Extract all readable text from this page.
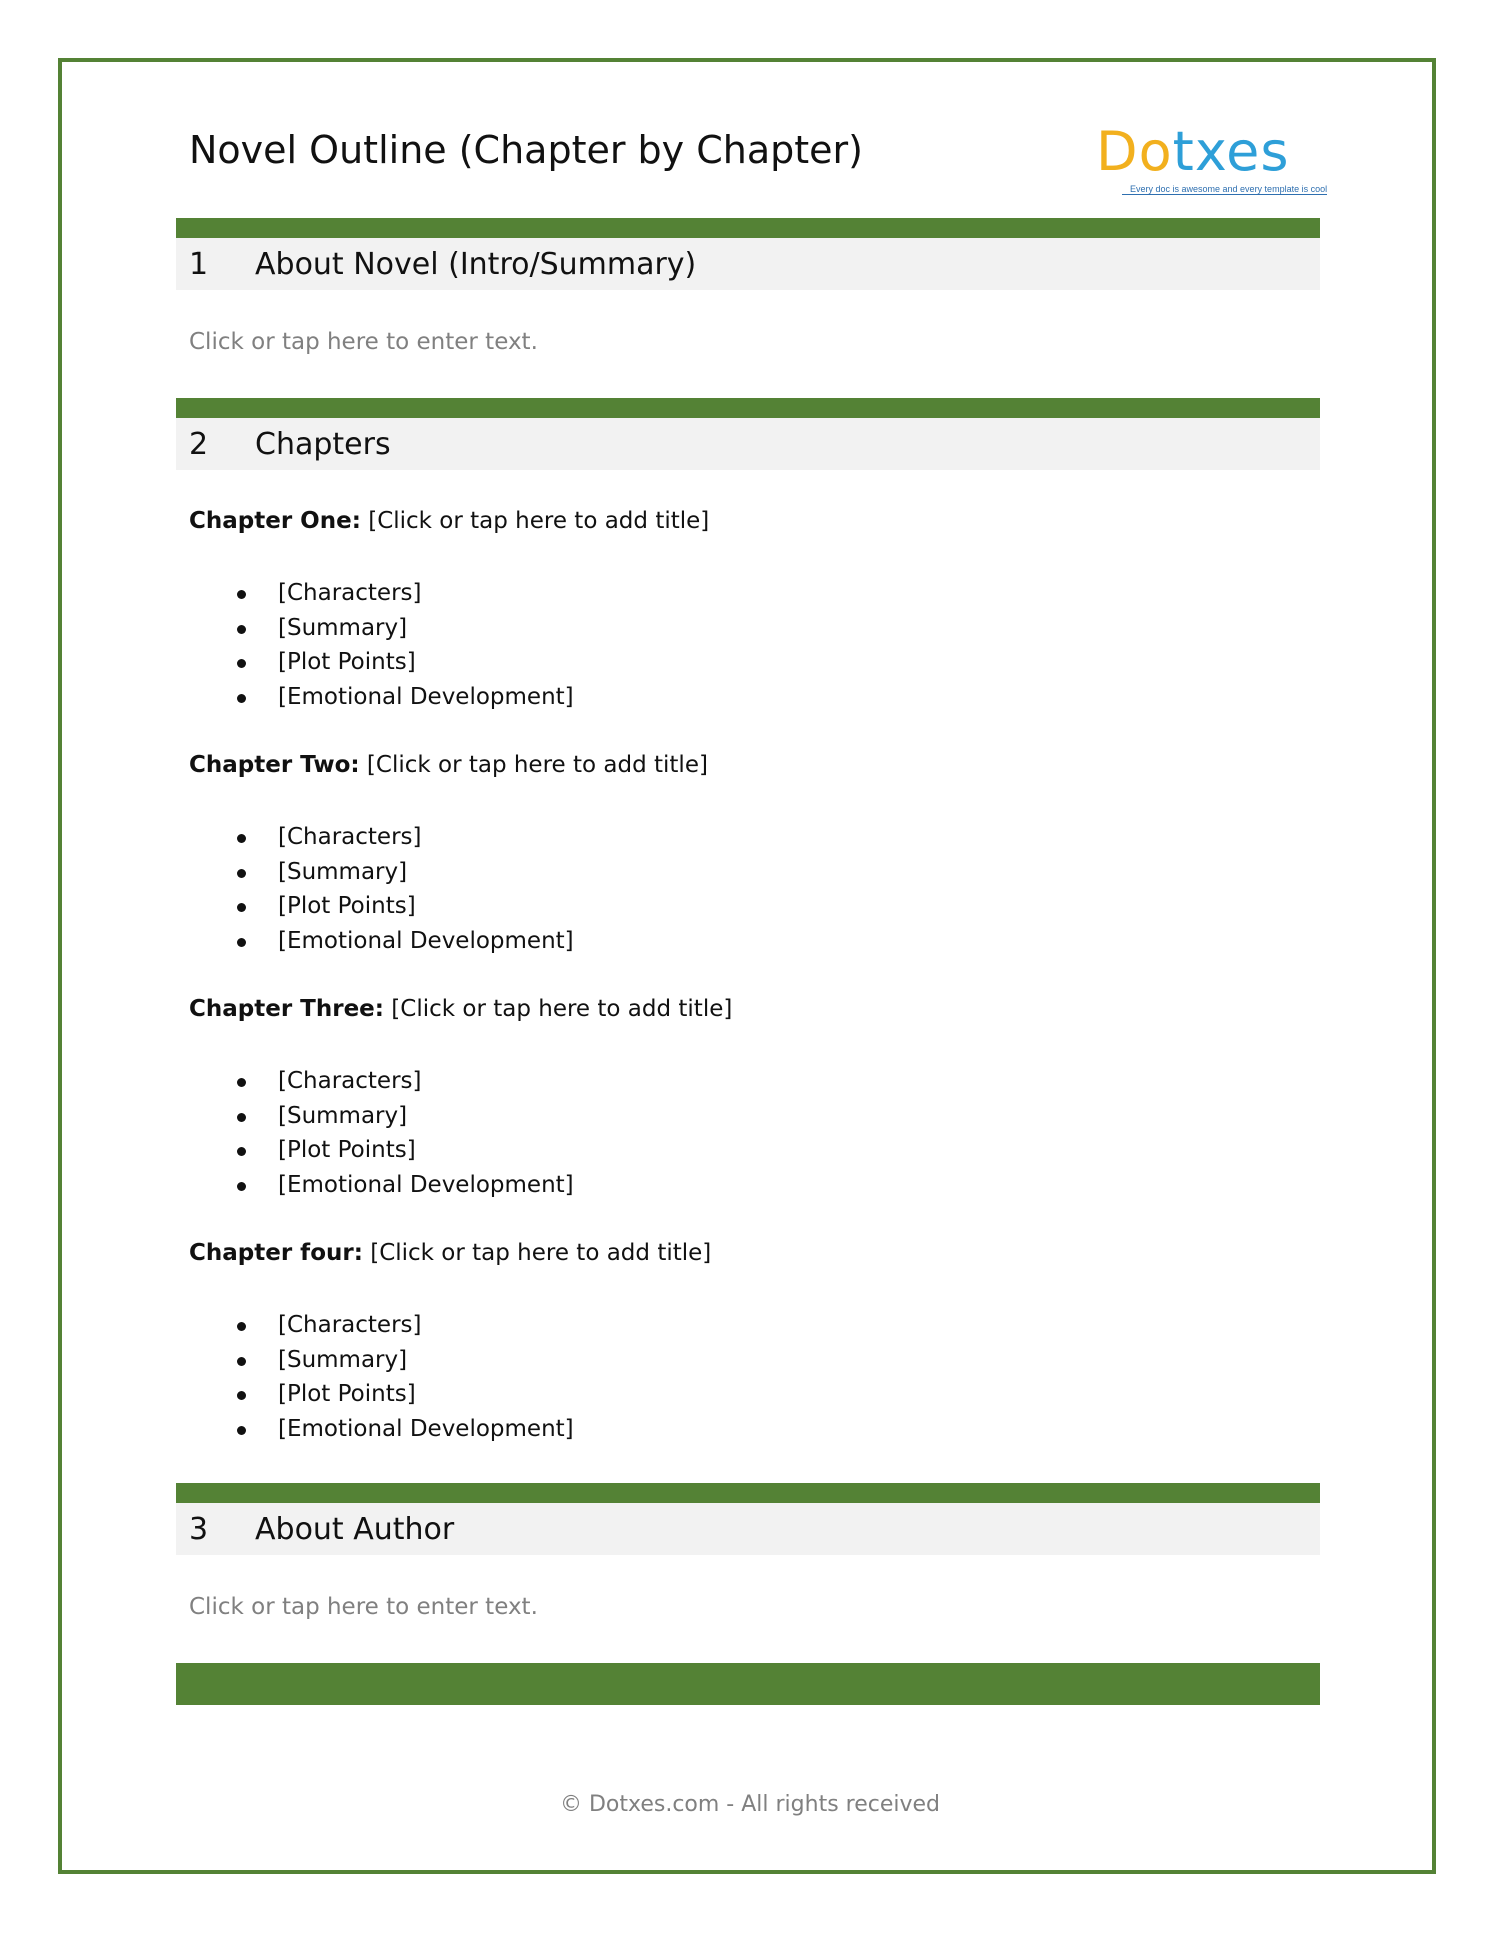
Novel Outline (Chapter by Chapter)	Dotxes
Every doc is awesome and every template is cool
1	About Novel (Intro/Summary)
Click or tap here to enter text.
2	Chapters
Chapter One: [Click or tap here to add title]
[Characters]
[Summary]
[Plot Points]
[Emotional Development]
Chapter Two: [Click or tap here to add title]
[Characters]
[Summary]
[Plot Points]
[Emotional Development]
Chapter Three: [Click or tap here to add title]
[Characters]
[Summary]
[Plot Points]
[Emotional Development]
Chapter four: [Click or tap here to add title]
[Characters]
[Summary]
[Plot Points]
[Emotional Development]
3	About Author
Click or tap here to enter text.
© Dotxes.com - All rights received
